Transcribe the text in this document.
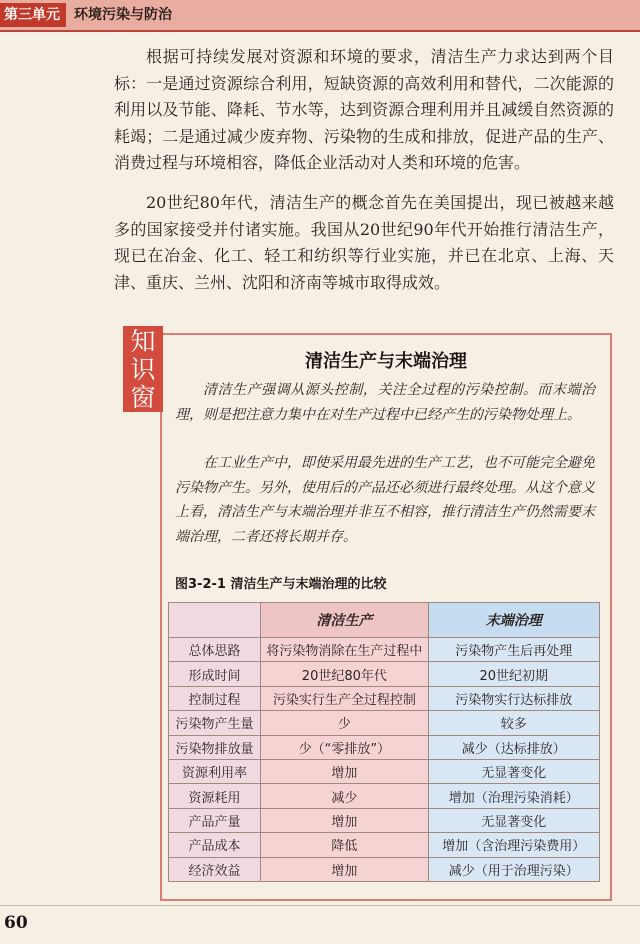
第三单元	环境污染与防治

根据可持续发展对资源和环境的要求，清洁生产力求达到两个目标：一是通过资源综合利用，短缺资源的高效利用和替代，二次能源的利用以及节能、降耗、节水等，达到资源合理利用并且减缓自然资源的耗竭；二是通过减少废弃物、污染物的生成和排放，促进产品的生产、消费过程与环境相容，降低企业活动对人类和环境的危害。

20世纪80年代，清洁生产的概念首先在美国提出，现已被越来越多的国家接受并付诸实施。我国从20世纪90年代开始推行清洁生产，现已在冶金、化工、轻工和纺织等行业实施，并已在北京、上海、天津、重庆、兰州、沈阳和济南等城市取得成效。

知
识
窗
清洁生产与末端治理

清洁生产强调从源头控制，关注全过程的污染控制。而末端治理，则是把注意力集中在对生产过程中已经产生的污染物处理上。

在工业生产中，即使采用最先进的生产工艺，也不可能完全避免污染物产生。另外，使用后的产品还必须进行最终处理。从这个意义上看，清洁生产与末端治理并非互不相容，推行清洁生产仍然需要末端治理，二者还将长期并存。

图3-2-1 清洁生产与末端治理的比较
	清洁生产	末端治理
总体思路	将污染物消除在生产过程中	污染物产生后再处理
形成时间	20世纪80年代	20世纪初期
控制过程	污染实行生产全过程控制	污染物实行达标排放
污染物产生量	少	较多
污染物排放量	少（“零排放”）	减少（达标排放）
资源利用率	增加	无显著变化
资源耗用	减少	增加（治理污染消耗）
产品产量	增加	无显著变化
产品成本	降低	增加（含治理污染费用）
经济效益	增加	减少（用于治理污染）
60
